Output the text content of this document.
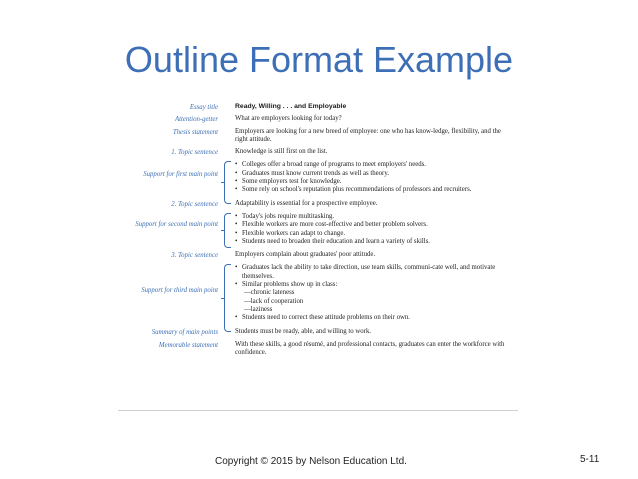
Outline Format Example
Essay title	Ready, Willing . . . and Employable
Attention-getter	What are employers looking for today?
Thesis statement	Employers are looking for a new breed of employee: one who has know-ledge, flexibility, and the right attitude.
1. Topic sentence	Knowledge is still first on the list.
Support for first main point
• Colleges offer a broad range of programs to meet employers' needs.
• Graduates must know current trends as well as theory.
• Some employers test for knowledge.
• Some rely on school's reputation plus recommendations of professors and recruiters.
2. Topic sentence	Adaptability is essential for a prospective employee.
Support for second main point
• Today's jobs require multitasking.
• Flexible workers are more cost-effective and better problem solvers.
• Flexible workers can adapt to change.
• Students need to broaden their education and learn a variety of skills.
3. Topic sentence	Employers complain about graduates' poor attitude.
Support for third main point
• Graduates lack the ability to take direction, use team skills, communi-cate well, and motivate themselves.
• Similar problems show up in class:
—chronic lateness
—lack of cooperation
—laziness
• Students need to correct these attitude problems on their own.
Summary of main points	Students must be ready, able, and willing to work.
Memorable statement	With these skills, a good résumé, and professional contacts, graduates can enter the workforce with confidence.
Copyright © 2015 by Nelson Education Ltd.	5-11
